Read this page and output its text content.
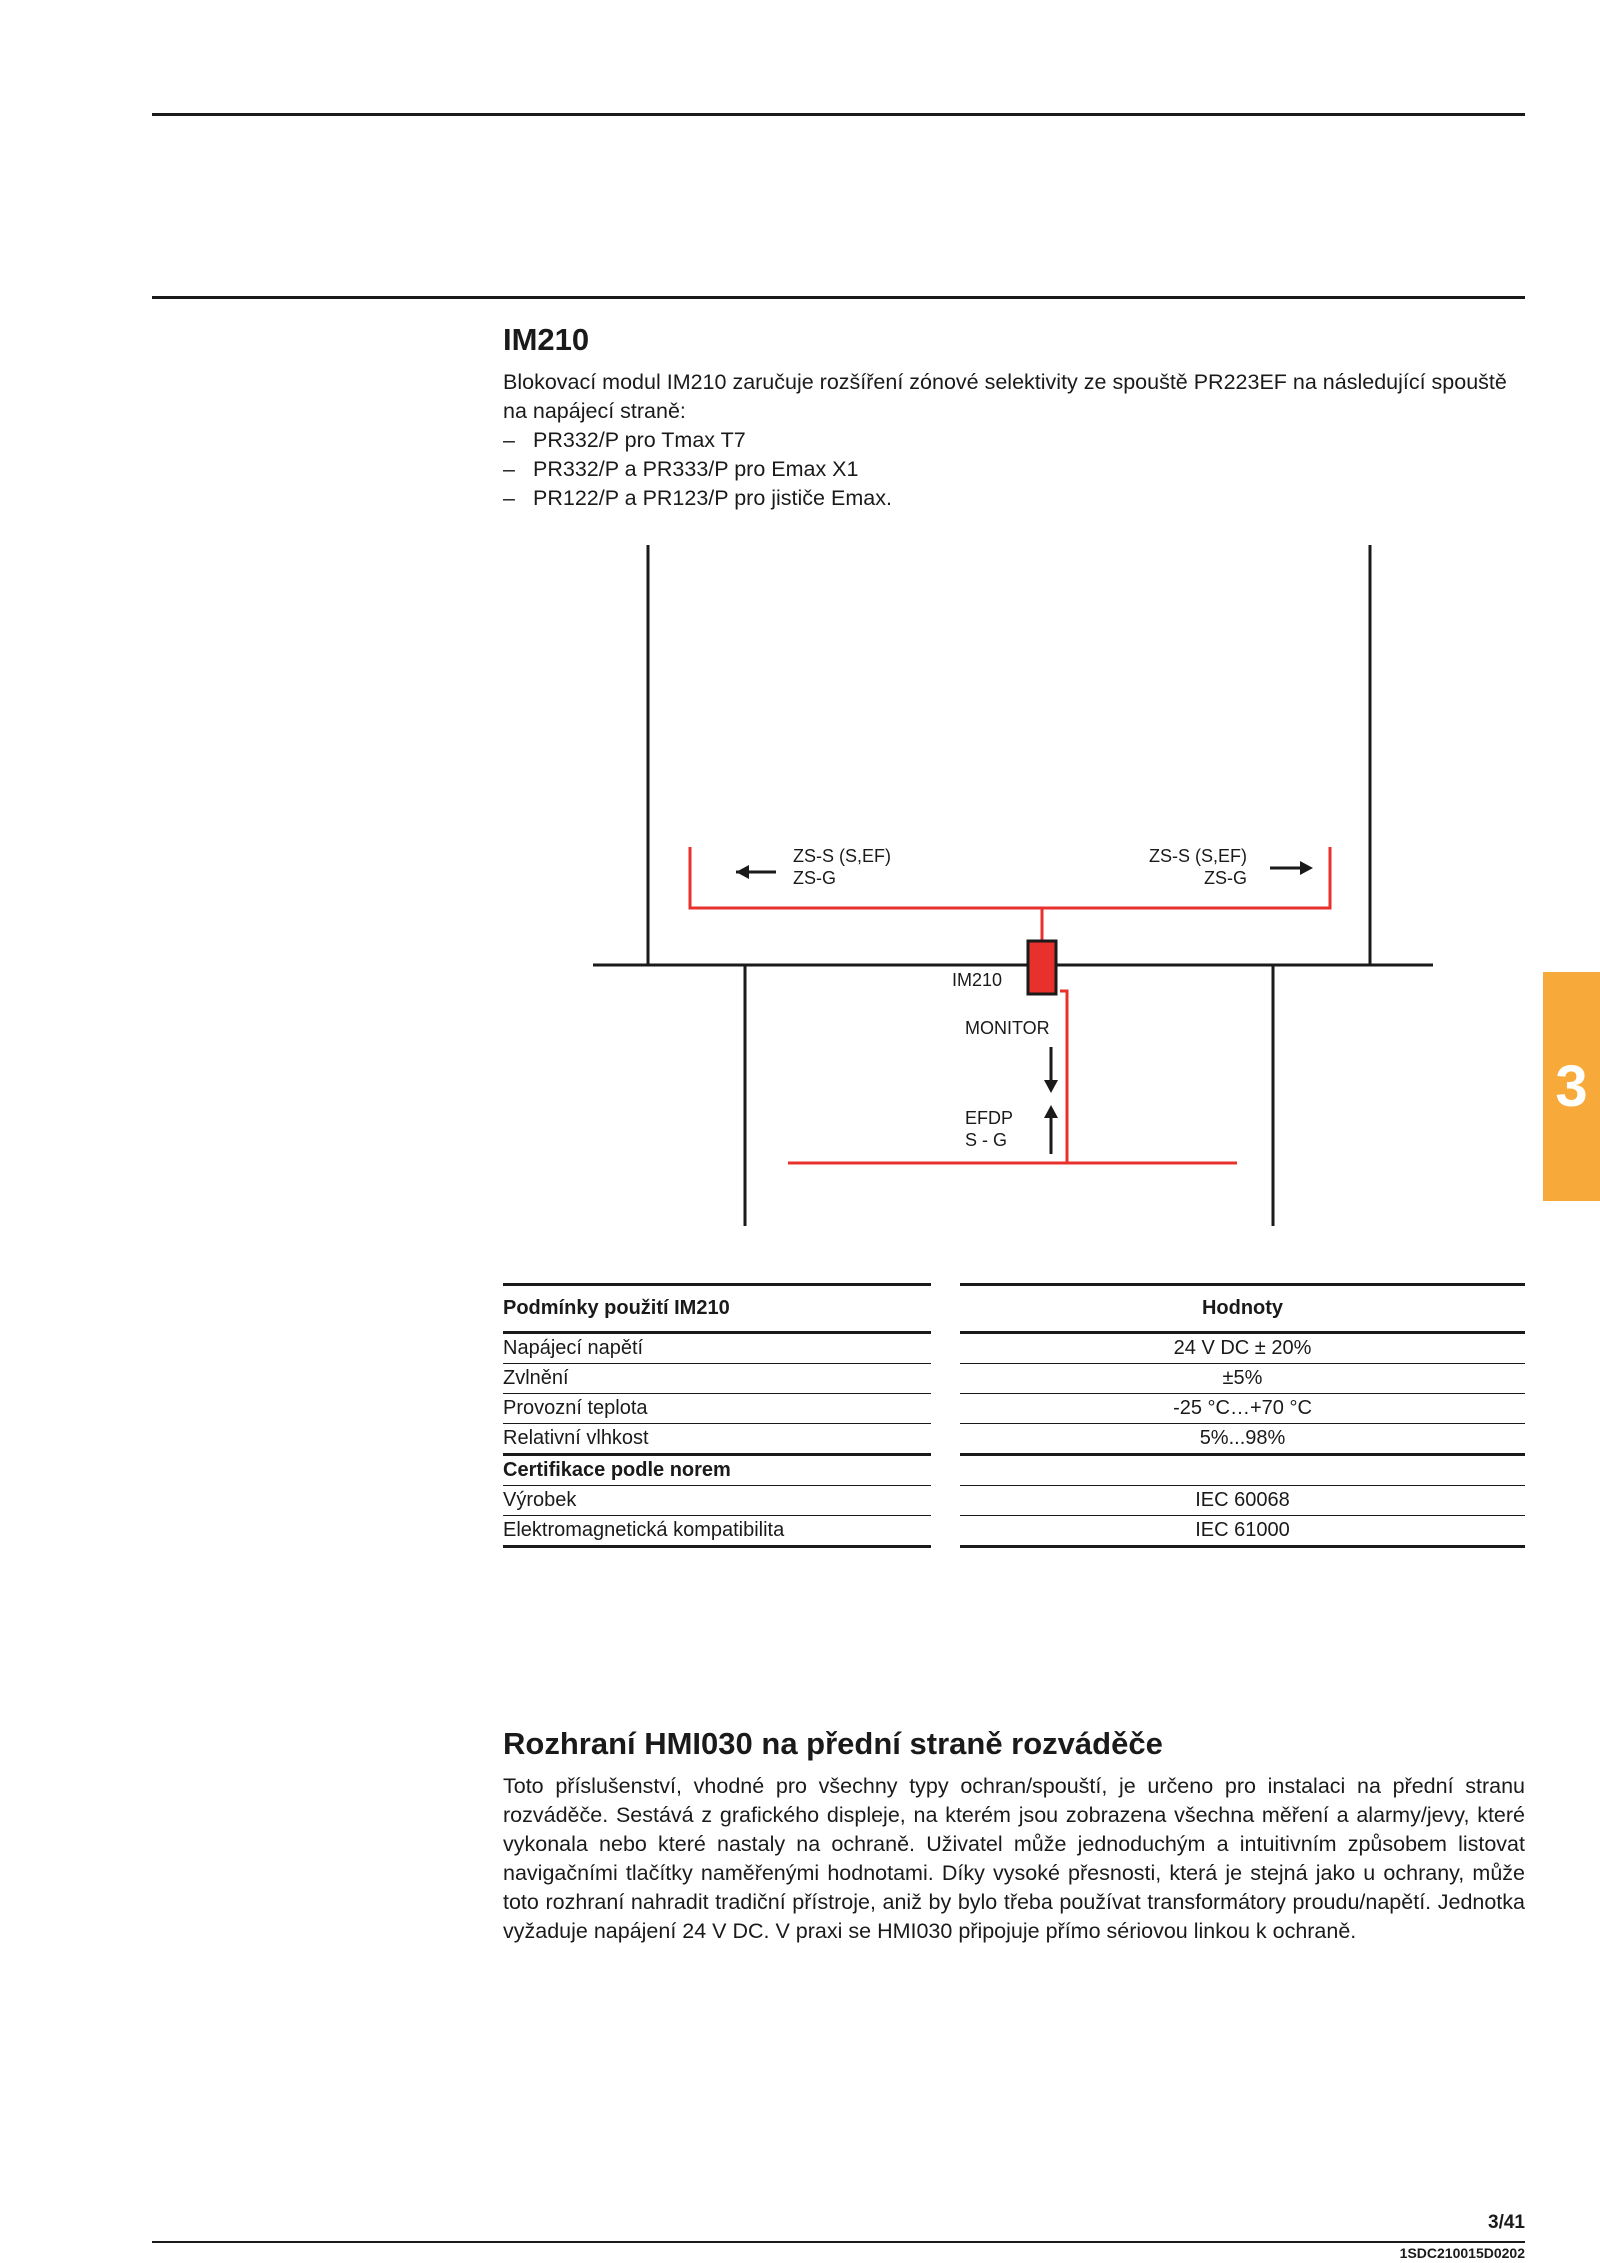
IM210

Blokovací modul IM210 zaručuje rozšíření zónové selektivity ze spouště PR223EF na následující spouště na napájecí straně:

– PR332/P pro Tmax T7
– PR332/P a PR333/P pro Emax X1
– PR122/P a PR123/P pro jističe Emax.
ZS-S (S,EF)
ZS-G
ZS-S (S,EF)
ZS-G
IM210
MONITOR
EFDP
S - G
Podmínky použití IM210
Napájecí napětí
Zvlnění
Provozní teplota
Relativní vlhkost
Certifikace podle norem
Výrobek
Elektromagnetická kompatibilita
Hodnoty
24 V DC ± 20%
±5%
-25 °C…+70 °C
5%...98%
IEC 60068
IEC 61000
Rozhraní HMI030 na přední straně rozváděče

Toto příslušenství, vhodné pro všechny typy ochran/spouští, je určeno pro instalaci na přední stranu rozváděče. Sestává z grafického displeje, na kterém jsou zobrazena všechna měření a alarmy/jevy, které vykonala nebo které nastaly na ochraně. Uživatel může jednoduchým a intuitivním způsobem listovat navigačními tlačítky naměřenými hodnotami. Díky vysoké přesnosti, která je stejná jako u ochrany, může toto rozhraní nahradit tradiční přístroje, aniž by bylo třeba používat transformátory proudu/napětí. Jednotka vyžaduje napájení 24 V DC. V praxi se HMI030 připojuje přímo sériovou linkou k ochraně.

3
3/41
1SDC210015D0202
